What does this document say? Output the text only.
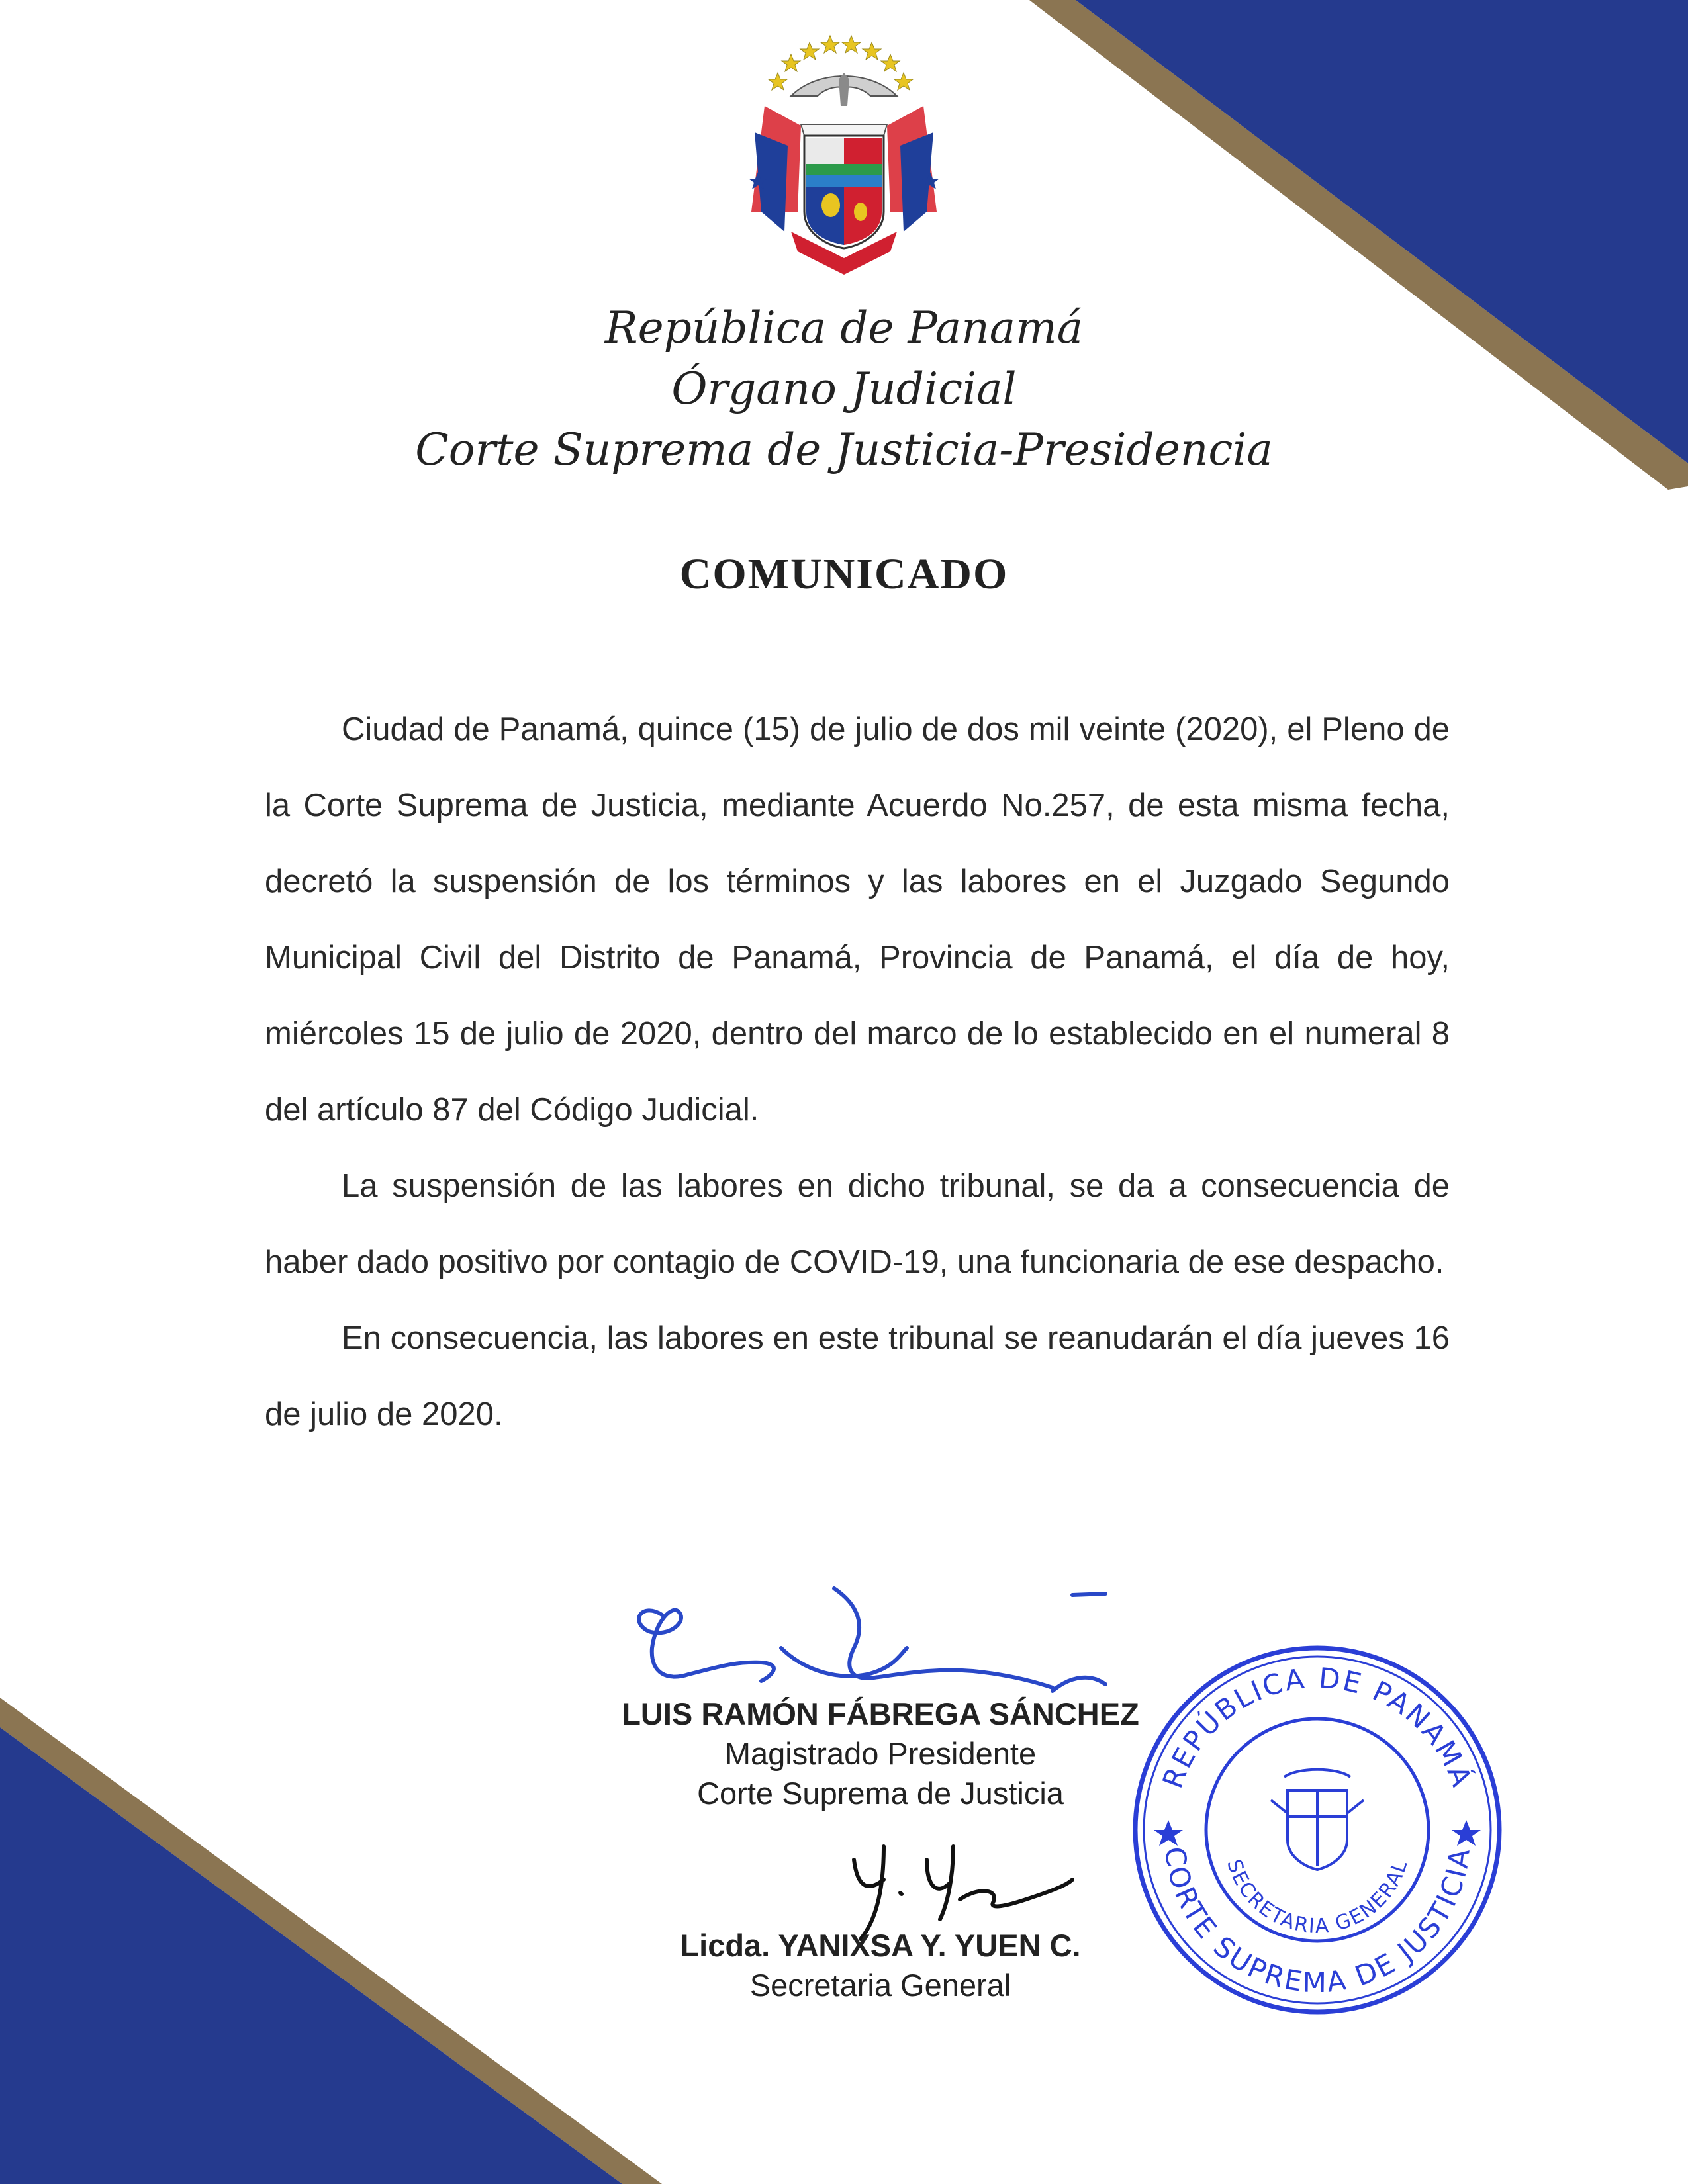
República de Panamá
Órgano Judicial
Corte Suprema de Justicia-Presidencia
COMUNICADO

Ciudad de Panamá, quince (15) de julio de dos mil veinte (2020), el Pleno de la Corte Suprema de Justicia, mediante Acuerdo No.257, de esta misma fecha, decretó la suspensión de los términos y las labores en el Juzgado Segundo Municipal Civil del Distrito de Panamá, Provincia de Panamá, el día de hoy, miércoles 15 de julio de 2020, dentro del marco de lo establecido en el numeral 8 del artículo 87 del Código Judicial.

La suspensión de las labores en dicho tribunal, se da a consecuencia de haber dado positivo por contagio de COVID-19, una funcionaria de ese despacho.

En consecuencia, las labores en este tribunal se reanudarán el día jueves 16 de julio de 2020.

LUIS RAMÓN FÁBREGA SÁNCHEZ
Magistrado Presidente
Corte Suprema de Justicia
Licda. YANIXSA Y. YUEN C.
Secretaria General
REPÚBLICA DE PANAMÁ
CORTE SUPREMA DE JUSTICIA
SECRETARIA GENERAL
